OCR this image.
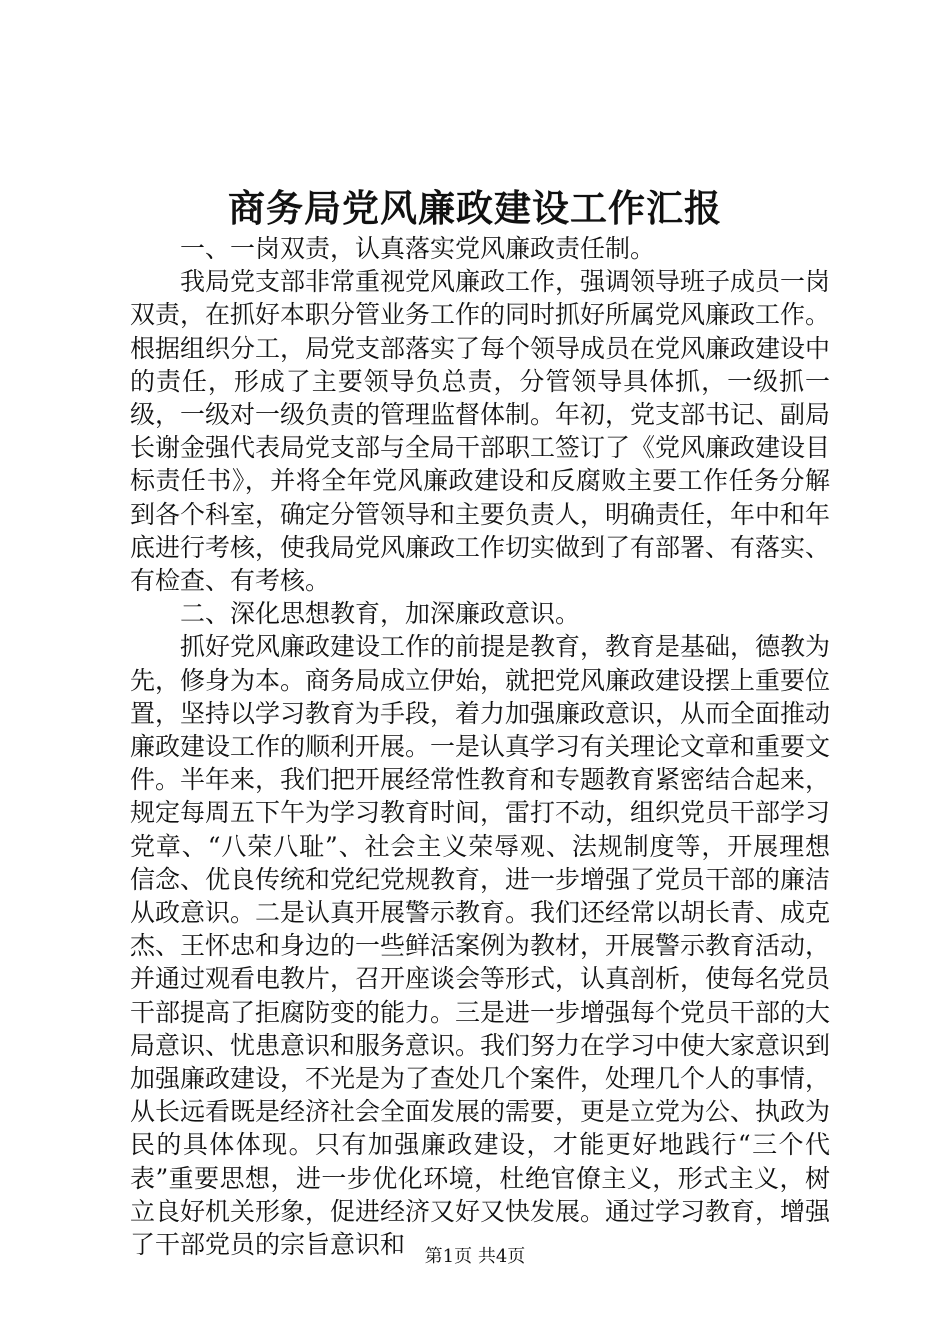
商务局党风廉政建设工作汇报

一、一岗双责，认真落实党风廉政责任制。

我局党支部非常重视党风廉政工作，强调领导班子成员一岗双责，在抓好本职分管业务工作的同时抓好所属党风廉政工作。根据组织分工，局党支部落实了每个领导成员在党风廉政建设中的责任，形成了主要领导负总责，分管领导具体抓，一级抓一级，一级对一级负责的管理监督体制。年初，党支部书记、副局长谢金强代表局党支部与全局干部职工签订了《党风廉政建设目标责任书》，并将全年党风廉政建设和反腐败主要工作任务分解到各个科室，确定分管领导和主要负责人，明确责任，年中和年底进行考核，使我局党风廉政工作切实做到了有部署、有落实、有检查、有考核。

二、深化思想教育，加深廉政意识。

抓好党风廉政建设工作的前提是教育，教育是基础，德教为先，修身为本。商务局成立伊始，就把党风廉政建设摆上重要位置，坚持以学习教育为手段，着力加强廉政意识，从而全面推动廉政建设工作的顺利开展。一是认真学习有关理论文章和重要文件。半年来，我们把开展经常性教育和专题教育紧密结合起来，规定每周五下午为学习教育时间，雷打不动，组织党员干部学习党章、“八荣八耻”、社会主义荣辱观、法规制度等，开展理想信念、优良传统和党纪党规教育，进一步增强了党员干部的廉洁从政意识。二是认真开展警示教育。我们还经常以胡长青、成克杰、王怀忠和身边的一些鲜活案例为教材，开展警示教育活动，并通过观看电教片，召开座谈会等形式，认真剖析，使每名党员干部提高了拒腐防变的能力。三是进一步增强每个党员干部的大局意识、忧患意识和服务意识。我们努力在学习中使大家意识到加强廉政建设，不光是为了查处几个案件，处理几个人的事情，从长远看既是经济社会全面发展的需要，更是立党为公、执政为民的具体体现。只有加强廉政建设，才能更好地践行“三个代表”重要思想，进一步优化环境，杜绝官僚主义，形式主义，树立良好机关形象，促进经济又好又快发展。通过学习教育，增强了干部党员的宗旨意识和	第1页 共4页
